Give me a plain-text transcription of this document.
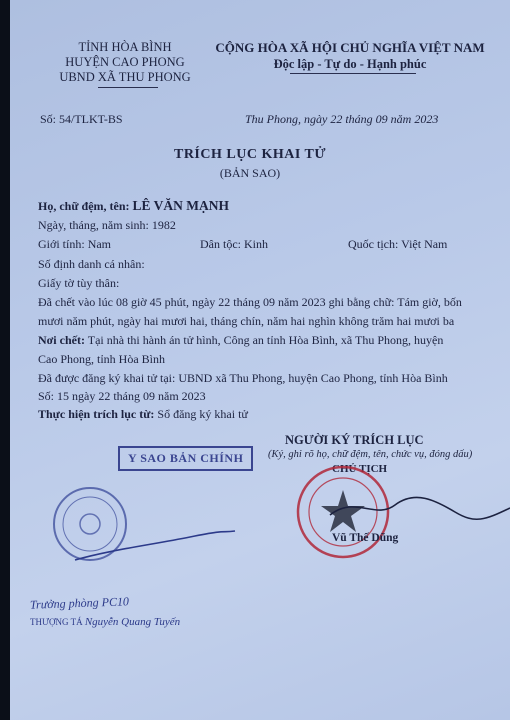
TỈNH HÒA BÌNH
HUYỆN CAO PHONG
UBND XÃ THU PHONG
CỘNG HÒA XÃ HỘI CHỦ NGHĨA VIỆT NAM
Độc lập - Tự do - Hạnh phúc
Số: 54/TLKT-BS	Thu Phong, ngày 22 tháng 09 năm 2023
TRÍCH LỤC KHAI TỬ
(BẢN SAO)
Họ, chữ đệm, tên: LÊ VĂN MẠNH
Ngày, tháng, năm sinh: 1982
Giới tính: Nam	Dân tộc: Kinh	Quốc tịch: Việt Nam
Số định danh cá nhân:
Giấy tờ tùy thân:
Đã chết vào lúc 08 giờ 45 phút, ngày 22 tháng 09 năm 2023 ghi bằng chữ: Tám giờ, bốn
mươi năm phút, ngày hai mươi hai, tháng chín, năm hai nghìn không trăm hai mươi ba
Nơi chết: Tại nhà thi hành án tử hình, Công an tỉnh Hòa Bình, xã Thu Phong, huyện
Cao Phong, tỉnh Hòa Bình
Đã được đăng ký khai tử tại: UBND xã Thu Phong, huyện Cao Phong, tỉnh Hòa Bình
Số: 15 ngày 22 tháng 09 năm 2023
Thực hiện trích lục từ: Sổ đăng ký khai tử
Y SAO BẢN CHÍNH
NGƯỜI KÝ TRÍCH LỤC
(Ký, ghi rõ họ, chữ đệm, tên, chức vụ, đóng dấu)
CHỦ TỊCH
Vũ Thế Dũng
Trưởng phòng PC10
THƯỢNG TÁ Nguyễn Quang Tuyến
